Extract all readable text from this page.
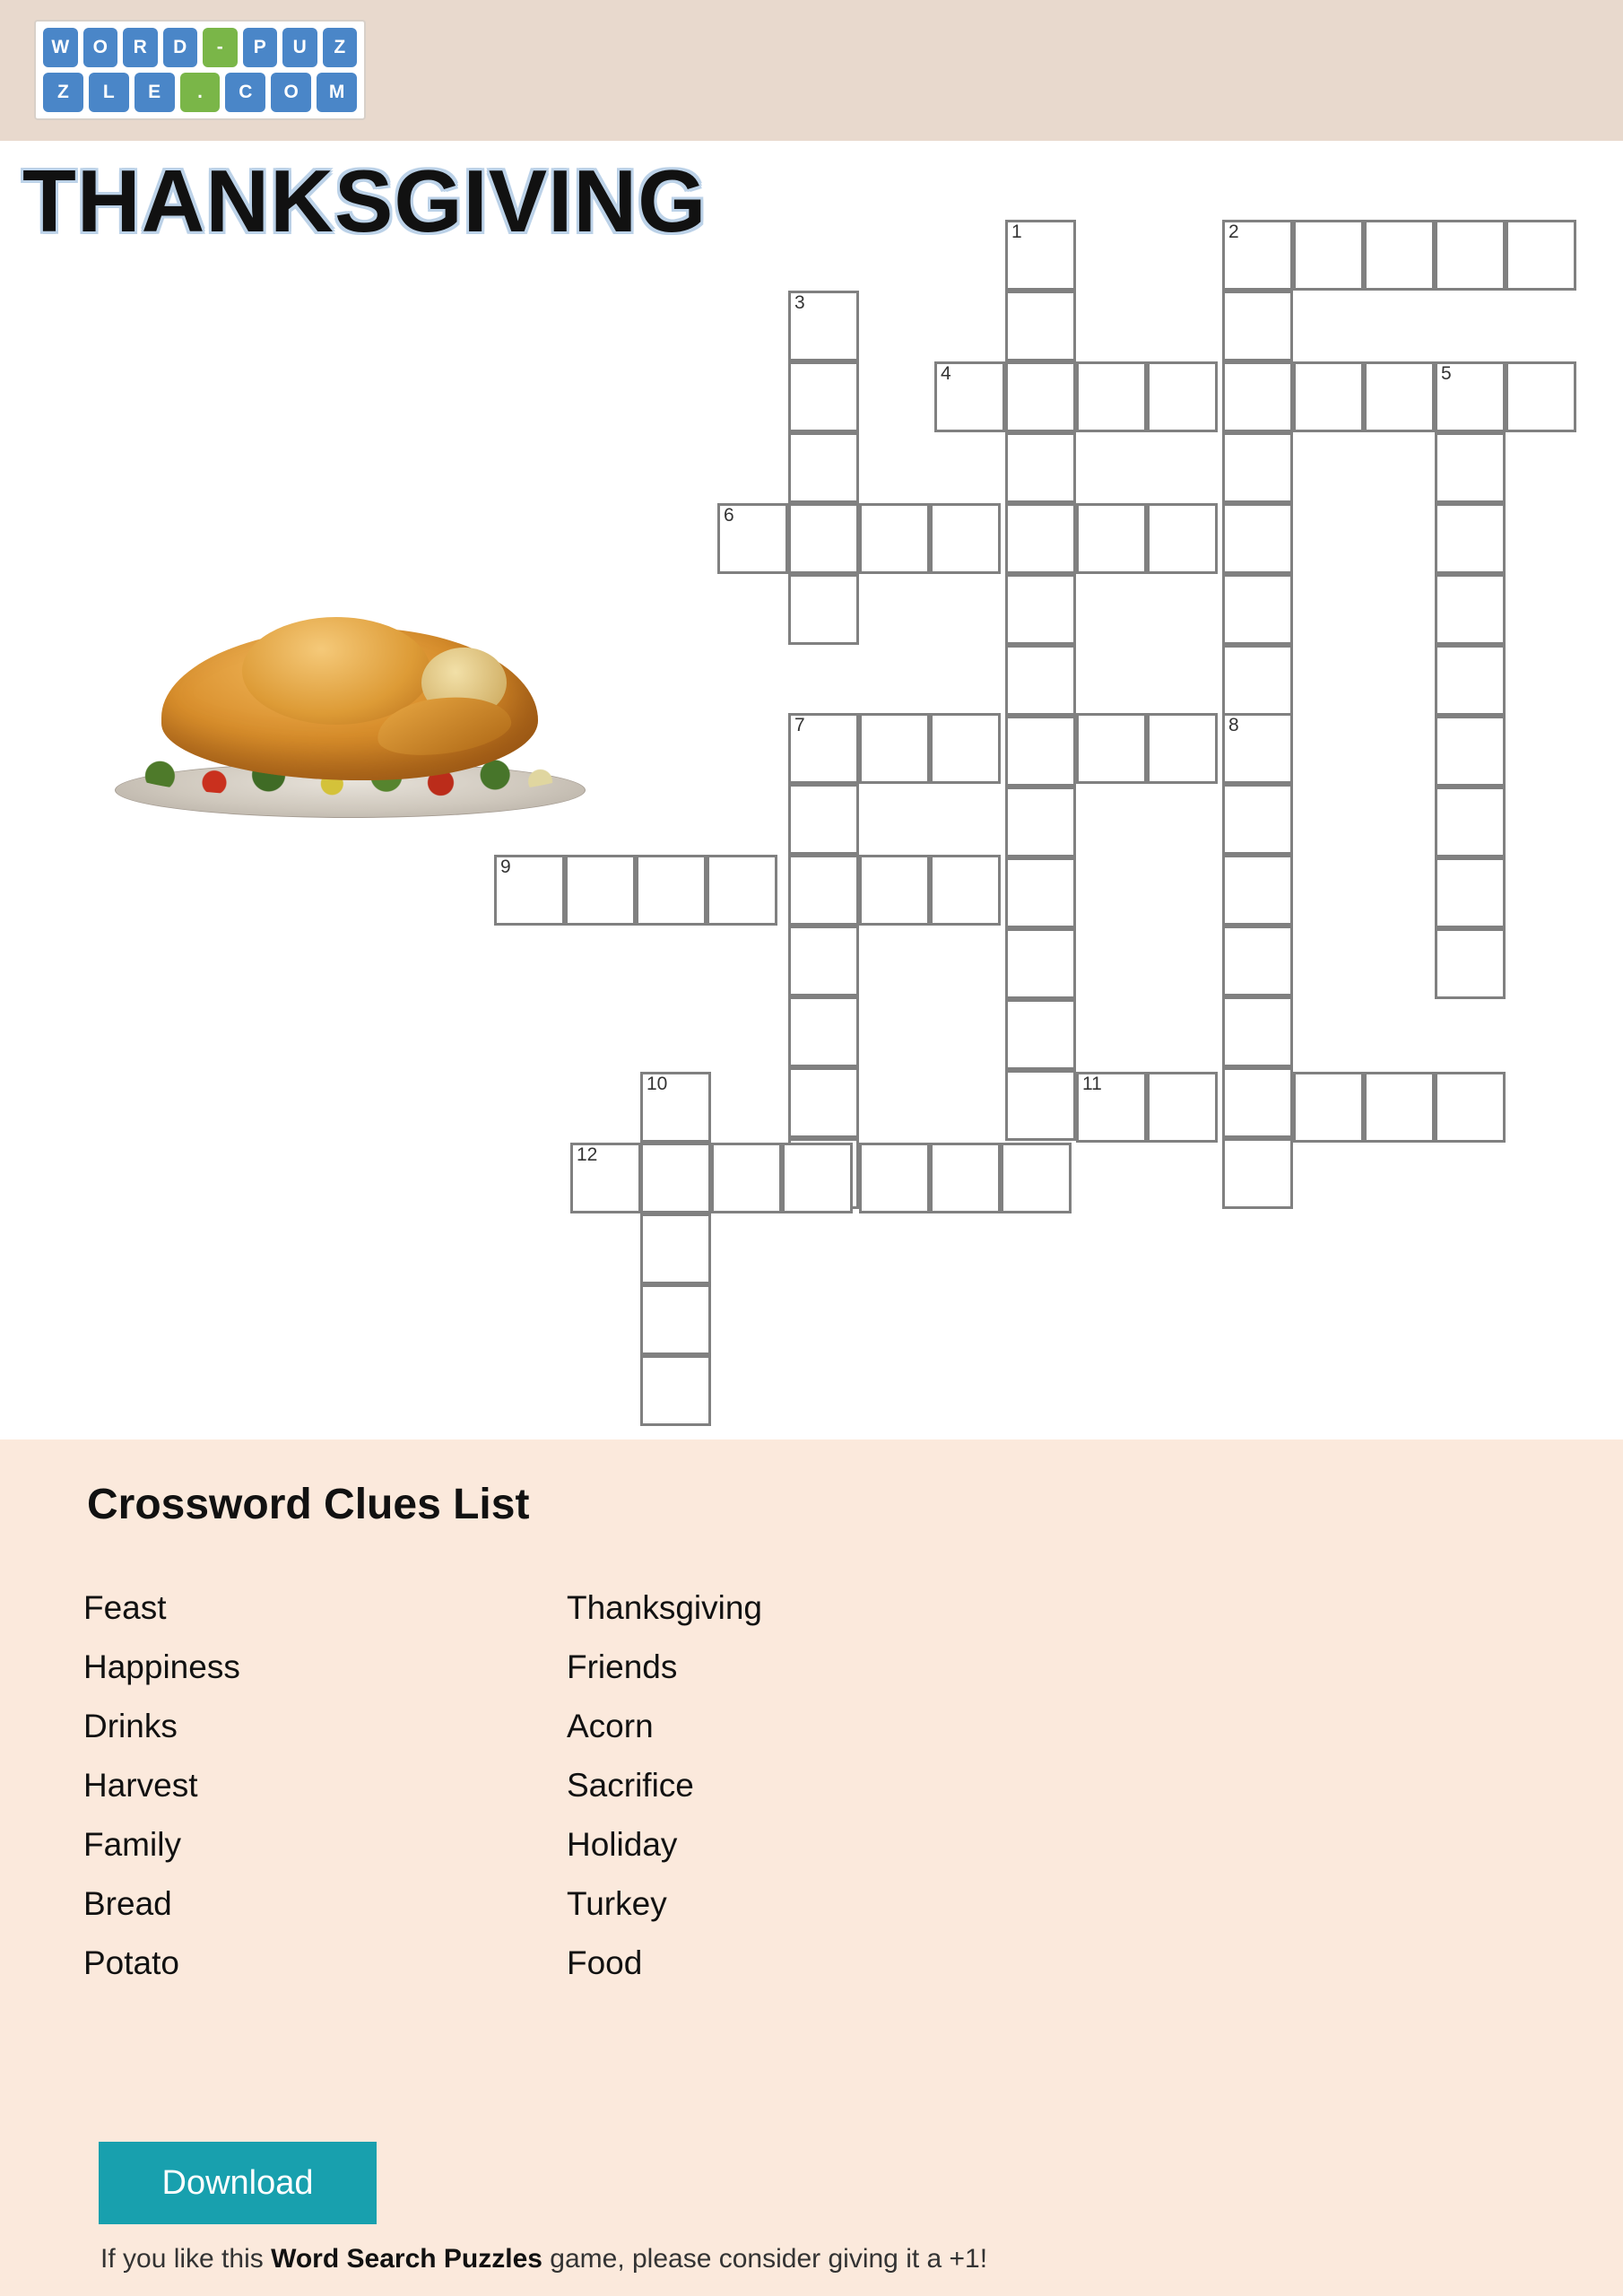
W	O	R	D	-	P	U	Z
Z	L	E	.	C	O	M
THANKSGIVING	1	2
3
4	5
6
7	8
9
10	11
12
Crossword Clues List
Feast
Happiness
Drinks
Harvest
Family
Bread
Potato
Thanksgiving
Friends
Acorn
Sacrifice
Holiday
Turkey
Food
Download
If you like this Word Search Puzzles game, please consider giving it a +1!
